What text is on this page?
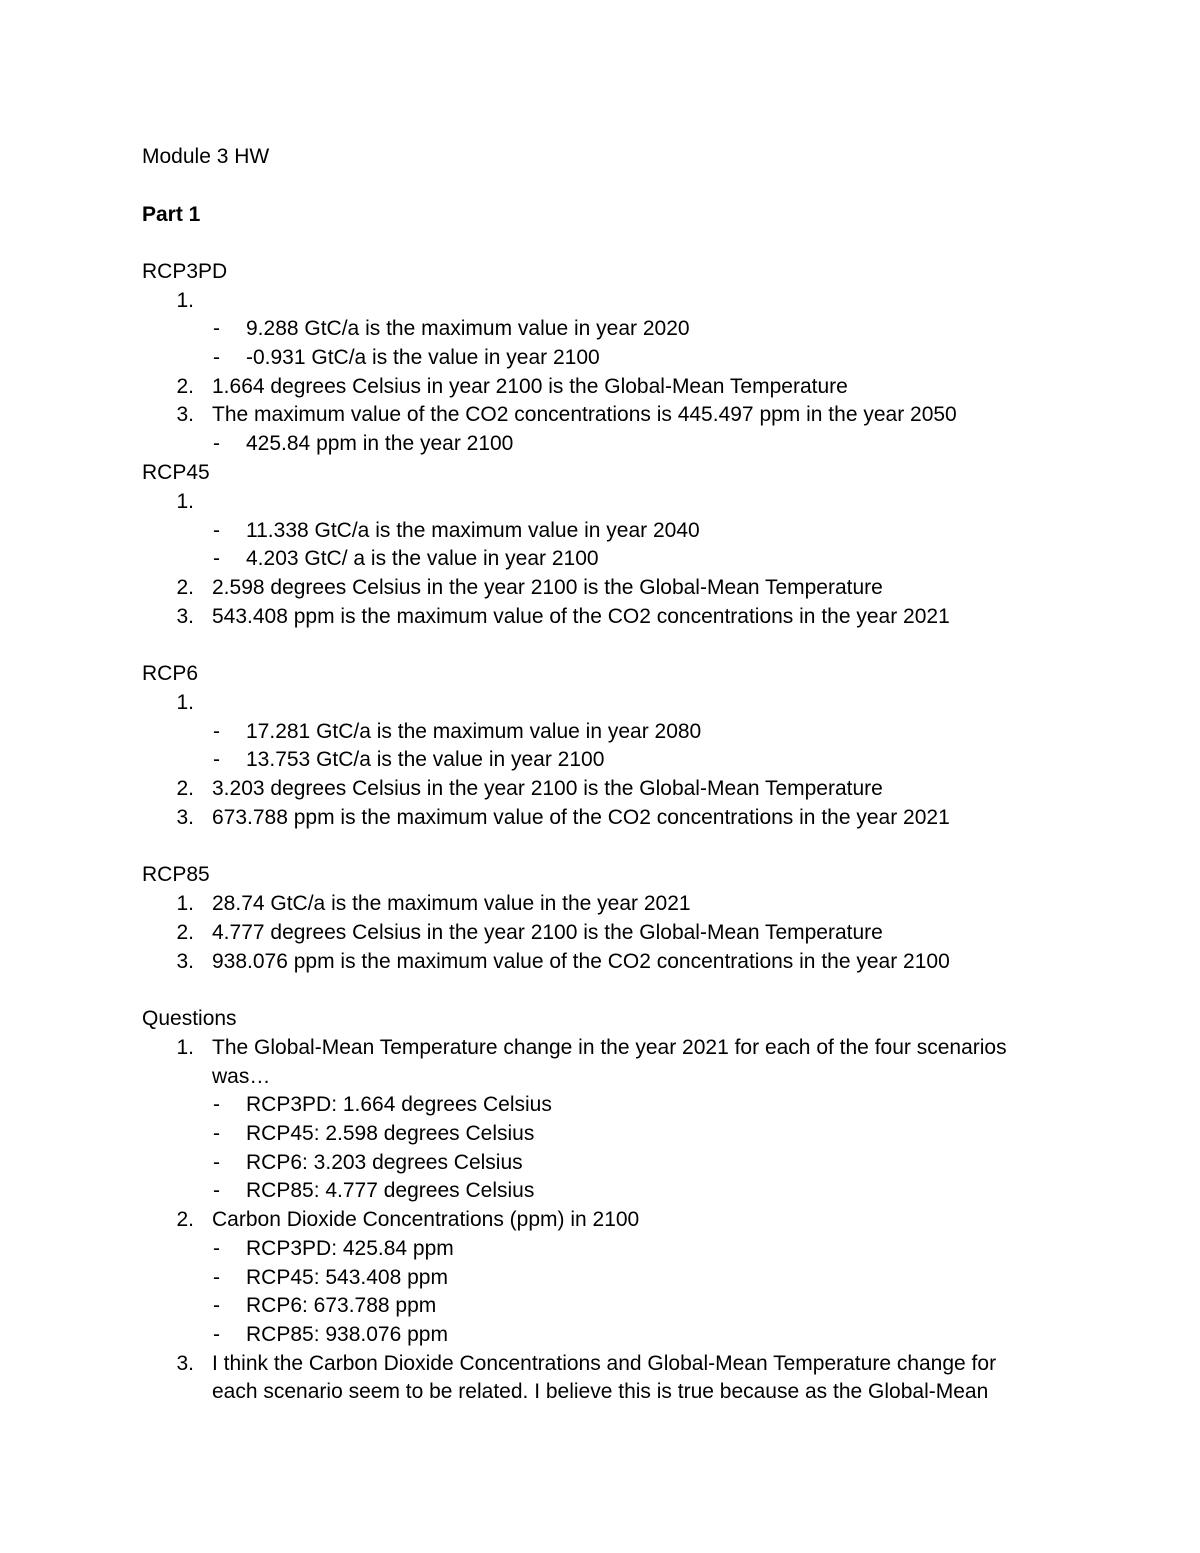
Module 3 HW
Part 1
RCP3PD
1.
- 9.288 GtC/a is the maximum value in year 2020
- -0.931 GtC/a is the value in year 2100
2. 1.664 degrees Celsius in year 2100 is the Global-Mean Temperature
3. The maximum value of the CO2 concentrations is 445.497 ppm in the year 2050
- 425.84 ppm in the year 2100
RCP45
1.
- 11.338 GtC/a is the maximum value in year 2040
- 4.203 GtC/ a is the value in year 2100
2. 2.598 degrees Celsius in the year 2100 is the Global-Mean Temperature
3. 543.408 ppm is the maximum value of the CO2 concentrations in the year 2021
RCP6
1.
- 17.281 GtC/a is the maximum value in year 2080
- 13.753 GtC/a is the value in year 2100
2. 3.203 degrees Celsius in the year 2100 is the Global-Mean Temperature
3. 673.788 ppm is the maximum value of the CO2 concentrations in the year 2021
RCP85
1. 28.74 GtC/a is the maximum value in the year 2021
2. 4.777 degrees Celsius in the year 2100 is the Global-Mean Temperature
3. 938.076 ppm is the maximum value of the CO2 concentrations in the year 2100
Questions
1. The Global-Mean Temperature change in the year 2021 for each of the four scenarios
was…
- RCP3PD: 1.664 degrees Celsius
- RCP45: 2.598 degrees Celsius
- RCP6: 3.203 degrees Celsius
- RCP85: 4.777 degrees Celsius
2. Carbon Dioxide Concentrations (ppm) in 2100
- RCP3PD: 425.84 ppm
- RCP45: 543.408 ppm
- RCP6: 673.788 ppm
- RCP85: 938.076 ppm
3. I think the Carbon Dioxide Concentrations and Global-Mean Temperature change for
each scenario seem to be related. I believe this is true because as the Global-Mean
